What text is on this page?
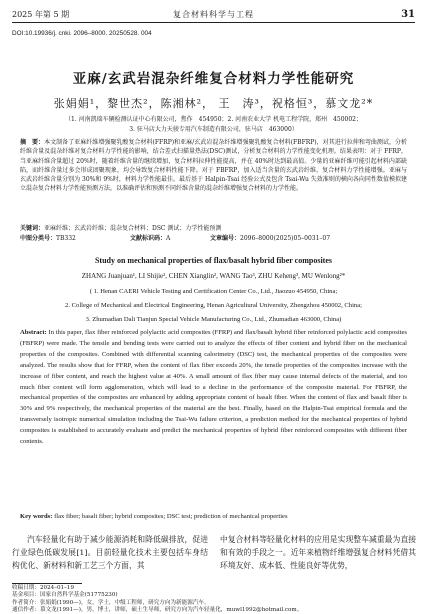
2025 年第 5 期	复合材料科学与工程	31
DOI:10.19936/j. cnki. 2096–8000. 20250528. 004
亚麻/玄武岩混杂纤维复合材料力学性能研究
张娟娟¹，黎世杰²，陈湘林²， 王　涛³，祝格恒³，慕文龙²*
（1. 河南凯瑞车辆检测认证中心有限公司，焦作　454950；2. 河南农业大学 机电工程学院，郑州　450002；
3. 驻马店大力天骏专用汽车制造有限公司，驻马店　463000）
摘　要：本文制备了亚麻纤维增强聚乳酸复合材料(FFRP)和亚麻/玄武岩混杂纤维增强聚乳酸复合材料(FBFRP)，对其进行拉伸和弯曲测试，分析纤维含量及混杂纤维对复合材料力学性能的影响，结合差式扫描量热法(DSC)测试，分析复合材料的力学性能变化机理。结果表明：对于 FFRP，当亚麻纤维含量超过 20%时，随着纤维含量的继续增加，复合材料拉伸性能提高，并在 40%时达到最高值。少量的亚麻纤维可能引起材料内部缺陷，而纤维含量过多会形成团聚现象，均会导致复合材料性能下降。对于 FBFRP，加入适当含量的玄武岩纤维，复合材料力学性能增强。亚麻与玄武岩纤维含量分别为 30%和 9%时，材料力学性能最佳。最后基于 Halpin-Tsai 经验公式及包含 Tsai-Wu 失效准则的横向各向同性数值模拟建立混杂复合材料力学性能预测方法，以准确评估和预测不同纤维含量的混杂纤维增强复合材料的力学性能。
关键词：亚麻纤维；玄武岩纤维；混杂复合材料；DSC 测试；力学性能预测
中图分类号：TB332	文献标识码：A	文章编号：2096–8000(2025)05–0031–07
Study on mechanical properties of flax/basalt hybrid fiber composites
ZHANG Juanjuan¹, LI Shijie², CHEN Xianglin², WANG Tao³, ZHU Keheng³, MU Wenlong²*
( 1. Henan CAERI Vehicle Testing and Certification Center Co., Ltd., Jiaozuo 454950, China;
2. College of Mechanical and Electrical Engineering, Henan Agricultural University, Zhengzhou 450002, China;
3. Zhumadian Dali Tianjun Special Vehicle Manufacturing Co., Ltd., Zhumadian 463000, China)
Abstract: In this paper, flax fiber reinforced polylactic acid composites (FFRP) and flax/basalt hybrid fiber reinforced polylactic acid composites (FBFRP) were made. The tensile and bending tests were carried out to analyze the effects of fiber content and hybrid fiber on the mechanical properties of the composites. Combined with differential scanning calorimetry (DSC) test, the mechanical properties of the composites were analyzed. The results show that for FFRP, when the content of flax fiber exceeds 20%, the tensile properties of the composites increase with the increase of fiber content, and reach the highest value at 40%. A small amount of flax fiber may cause internal defects of the material, and too much fiber content will form agglomeration, which will lead to a decline in the performance of the composite material. For FBFRP, the mechanical properties of the composites are enhanced by adding appropriate content of basalt fiber. When the content of flax and basalt fiber is 30% and 9% respectively, the mechanical properties of the material are the best. Finally, based on the Halpin-Tsai empirical formula and the transversely isotropic numerical simulation including the Tsai-Wu failure criterion, a prediction method for the mechanical properties of hybrid composites is established to accurately evaluate and predict the mechanical properties of hybrid fiber reinforced composites with different fiber contents.
Key words: flax fiber; basalt fiber; hybrid composites; DSC test; prediction of mechanical properties
汽车轻量化有助于减少能源消耗和降低碳排放，促进行业绿色低碳发展[1]。目前轻量化技术主要包括车身结构优化、新材料和新工艺三个方面，其
中复合材料等轻量化材料的应用是实现整车减重最为直接和有效的手段之一。近年来植物纤维增强复合材料凭借其环境友好、成本低、性能良好等优势，
收稿日期：2024–01–19
基金项目：国家自然科学基金(51775230)
作者简介：张娟娟(1990—)，女，学士，中级工程师，研究方向为新能源汽车。
通信作者：慕文龙(1991—)，男，博士，讲师，硕士生导师，研究方向为汽车轻量化，muwl1992@hotmail.com。
